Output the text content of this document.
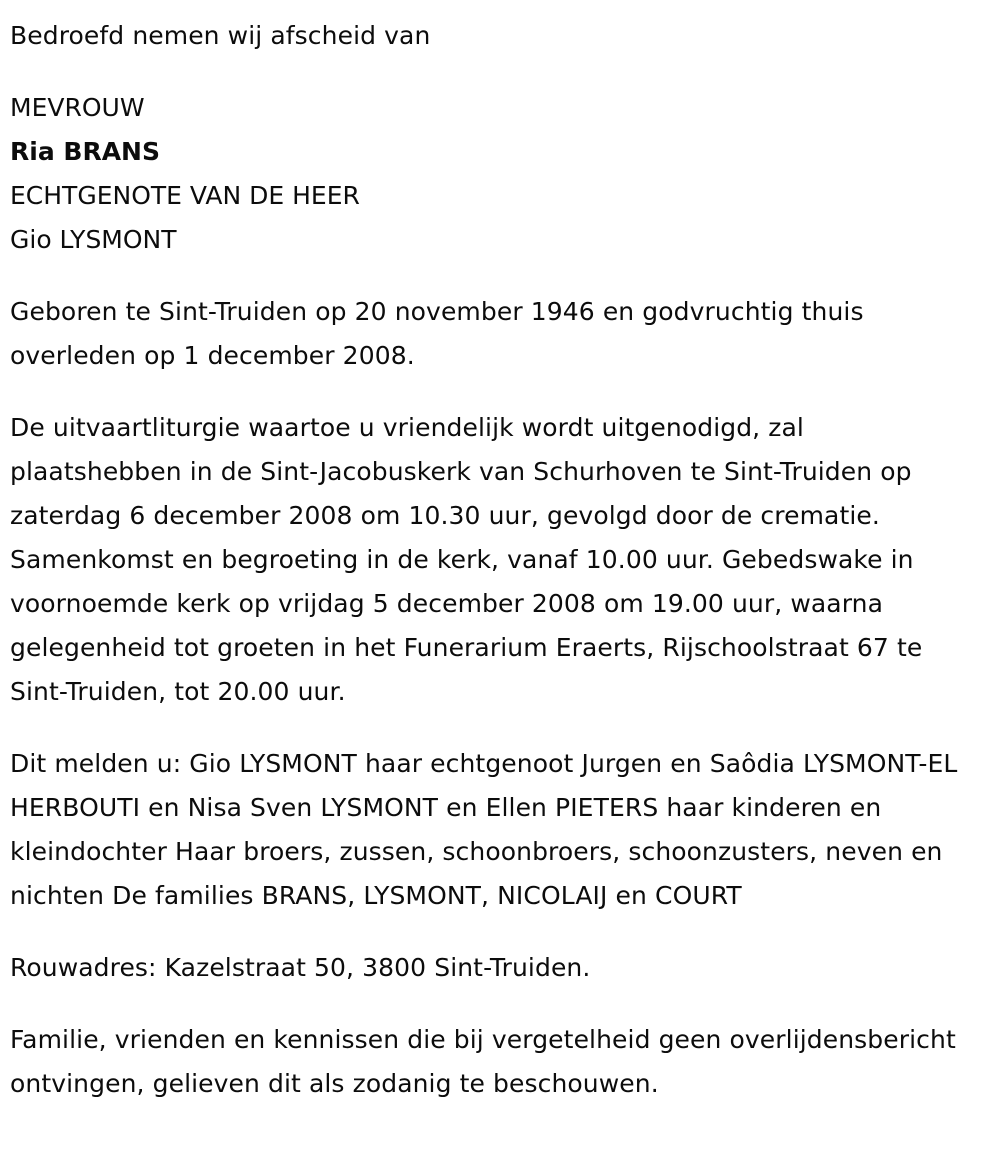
Bedroefd nemen wij afscheid van

MEVROUW
Ria BRANS
ECHTGENOTE VAN DE HEER
Gio LYSMONT

Geboren te Sint-Truiden op 20 november 1946 en godvruchtig thuis overleden op 1 december 2008.

De uitvaartliturgie waartoe u vriendelijk wordt uitgenodigd, zal plaatshebben in de Sint-Jacobuskerk van Schurhoven te Sint-Truiden op zaterdag 6 december 2008 om 10.30 uur, gevolgd door de crematie. Samenkomst en begroeting in de kerk, vanaf 10.00 uur. Gebedswake in voornoemde kerk op vrijdag 5 december 2008 om 19.00 uur, waarna gelegenheid tot groeten in het Funerarium Eraerts, Rijschoolstraat 67 te Sint-Truiden, tot 20.00 uur.

Dit melden u: Gio LYSMONT haar echtgenoot Jurgen en Saôdia LYSMONT-EL HERBOUTI en Nisa Sven LYSMONT en Ellen PIETERS haar kinderen en kleindochter Haar broers, zussen, schoonbroers, schoonzusters, neven en nichten De families BRANS, LYSMONT, NICOLAIJ en COURT

Rouwadres: Kazelstraat 50, 3800 Sint-Truiden.

Familie, vrienden en kennissen die bij vergetelheid geen overlijdensbericht ontvingen, gelieven dit als zodanig te beschouwen.
